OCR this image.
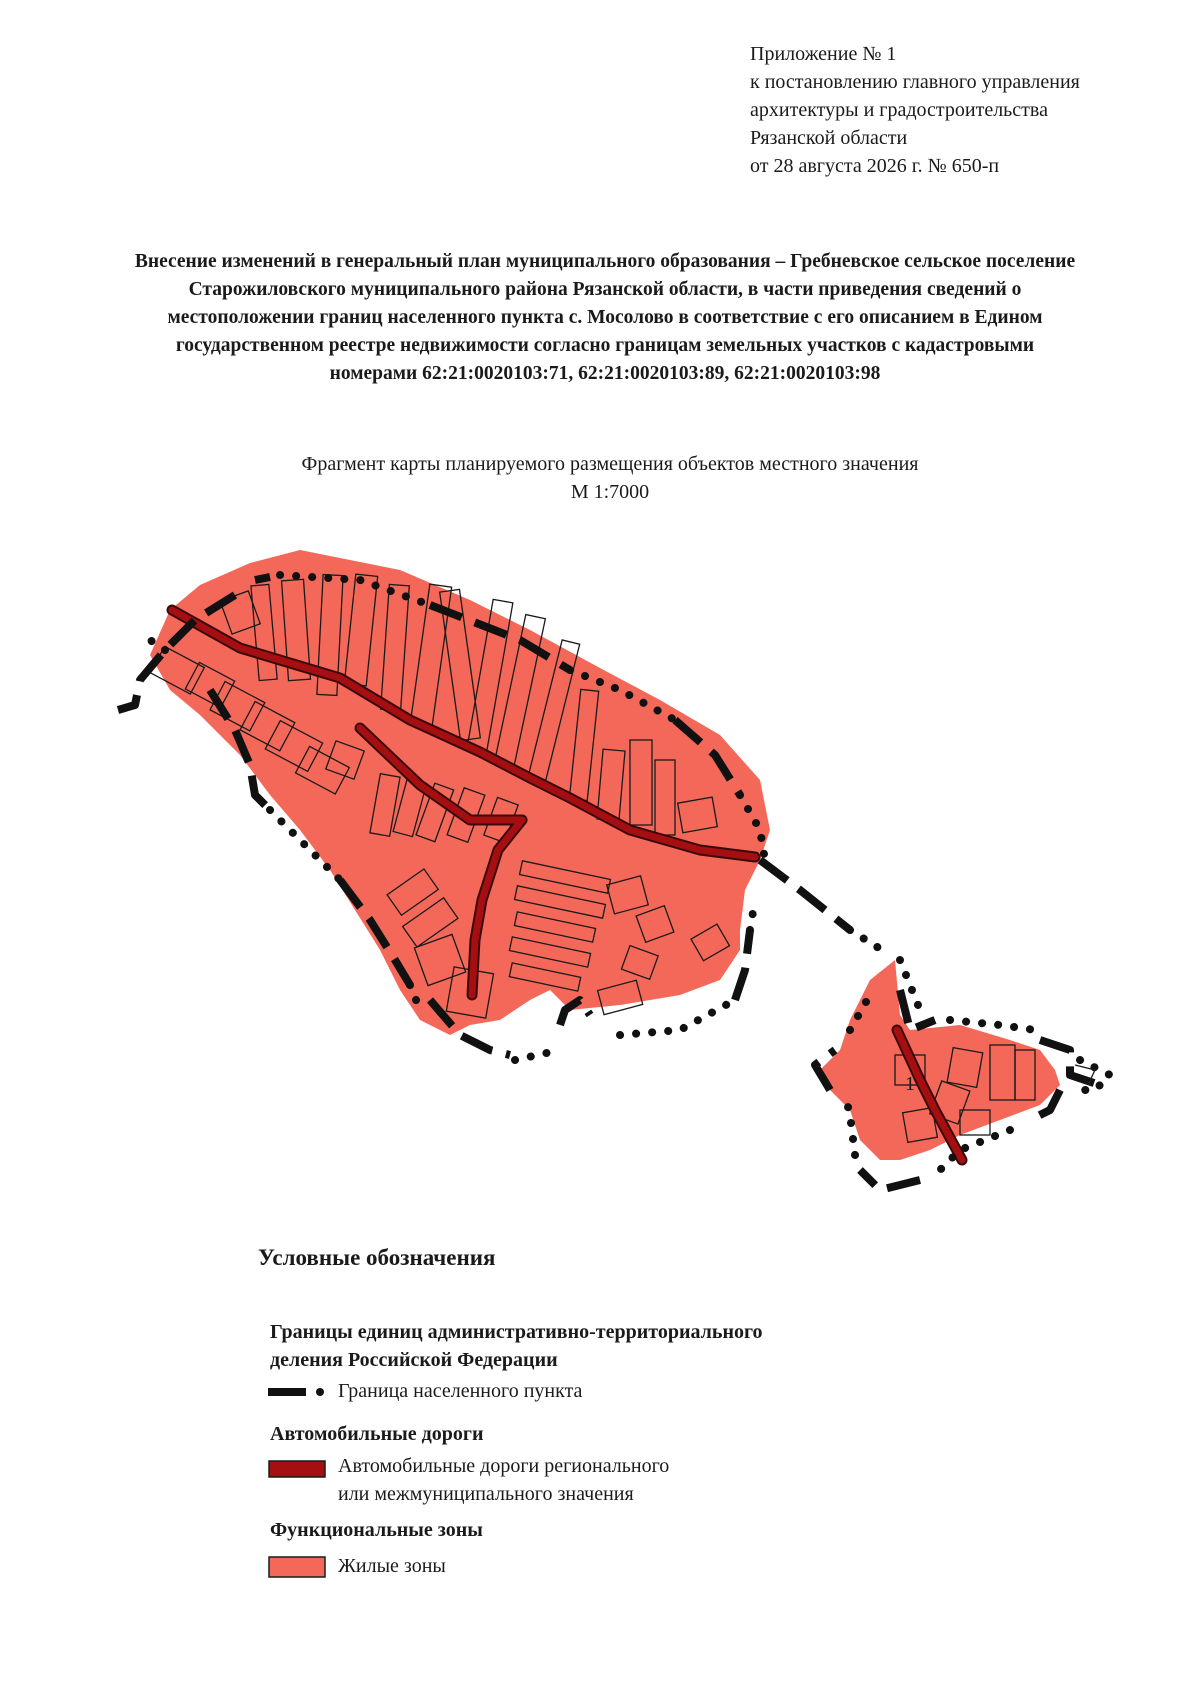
Приложение № 1
к постановлению главного управления
архитектуры и градостроительства
Рязанской области
от 28 августа 2026 г. № 650-п
Внесение изменений в генеральный план муниципального образования – Гребневское сельское поселение
Старожиловского муниципального района Рязанской области, в части приведения сведений о
местоположении границ населенного пункта с. Мосолово в соответствие с его описанием в Едином
государственном реестре недвижимости согласно границам земельных участков с кадастровыми
номерами 62:21:0020103:71, 62:21:0020103:89, 62:21:0020103:98
Фрагмент карты планируемого размещения объектов местного значения
М 1:7000
1
Условные обозначения
Границы единиц административно-территориального
деления Российской Федерации
Граница населенного пункта
Автомобильные дороги
Автомобильные дороги регионального
или межмуниципального значения
Функциональные зоны
Жилые зоны
